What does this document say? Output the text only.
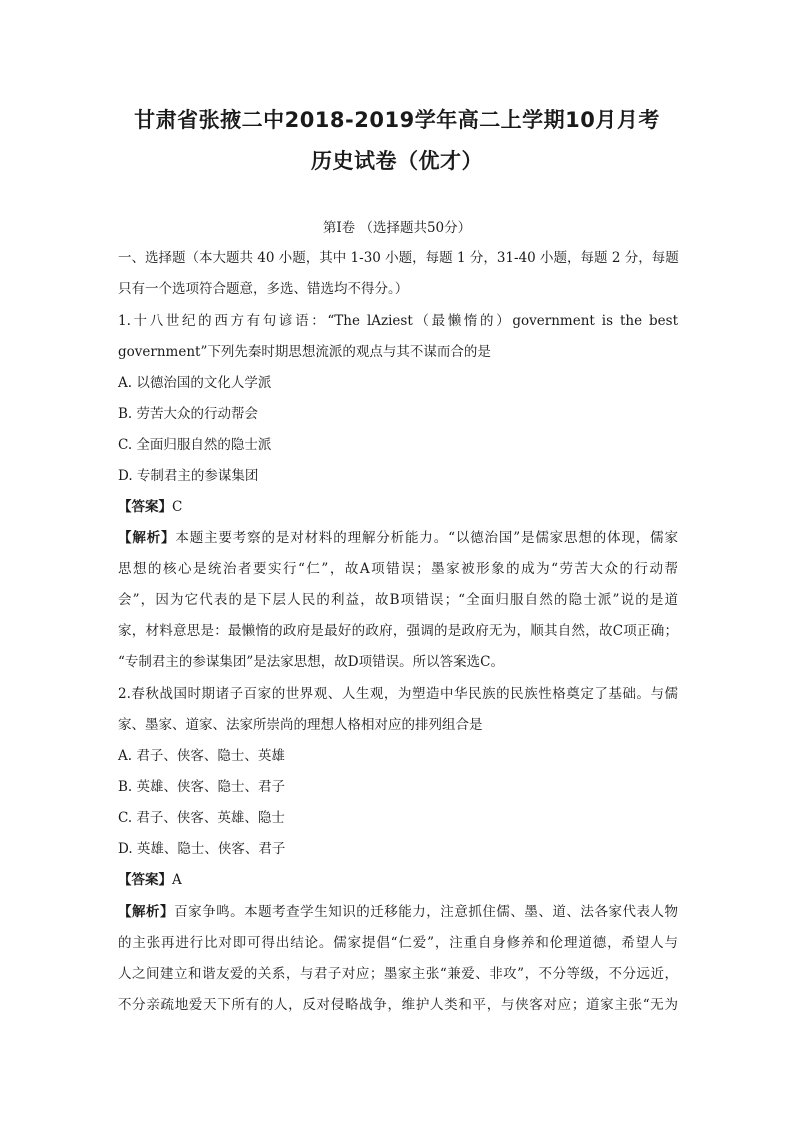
甘肃省张掖二中2018-2019学年高二上学期10月月考
历史试卷（优才）
第Ⅰ卷 （选择题共50分）
一、选择题（本大题共 40 小题，其中 1-30 小题，每题 1 分，31-40 小题，每题 2 分，每题
只有一个选项符合题意，多选、错选均不得分。）
1.十八世纪的西方有句谚语：“The lAziest（最懒惰的）government is the best
government”下列先秦时期思想流派的观点与其不谋而合的是
A. 以德治国的文化人学派
B. 劳苦大众的行动帮会
C. 全面归服自然的隐士派
D. 专制君主的参谋集团
【答案】C
【解析】本题主要考察的是对材料的理解分析能力。“以德治国”是儒家思想的体现，儒家
思想的核心是统治者要实行“仁”，故A项错误；墨家被形象的成为“劳苦大众的行动帮
会”，因为它代表的是下层人民的利益，故B项错误；“全面归服自然的隐士派”说的是道
家，材料意思是：最懒惰的政府是最好的政府，强调的是政府无为，顺其自然，故C项正确；
“专制君主的参谋集团”是法家思想，故D项错误。所以答案选C。
2.春秋战国时期诸子百家的世界观、人生观，为塑造中华民族的民族性格奠定了基础。与儒
家、墨家、道家、法家所崇尚的理想人格相对应的排列组合是
A. 君子、侠客、隐士、英雄
B. 英雄、侠客、隐士、君子
C. 君子、侠客、英雄、隐士
D. 英雄、隐士、侠客、君子
【答案】A
【解析】百家争鸣。本题考查学生知识的迁移能力，注意抓住儒、墨、道、法各家代表人物
的主张再进行比对即可得出结论。儒家提倡“仁爱”，注重自身修养和伦理道德，希望人与
人之间建立和谐友爱的关系，与君子对应；墨家主张“兼爱、非攻”，不分等级，不分远近，
不分亲疏地爱天下所有的人，反对侵略战争，维护人类和平，与侠客对应；道家主张“无为
